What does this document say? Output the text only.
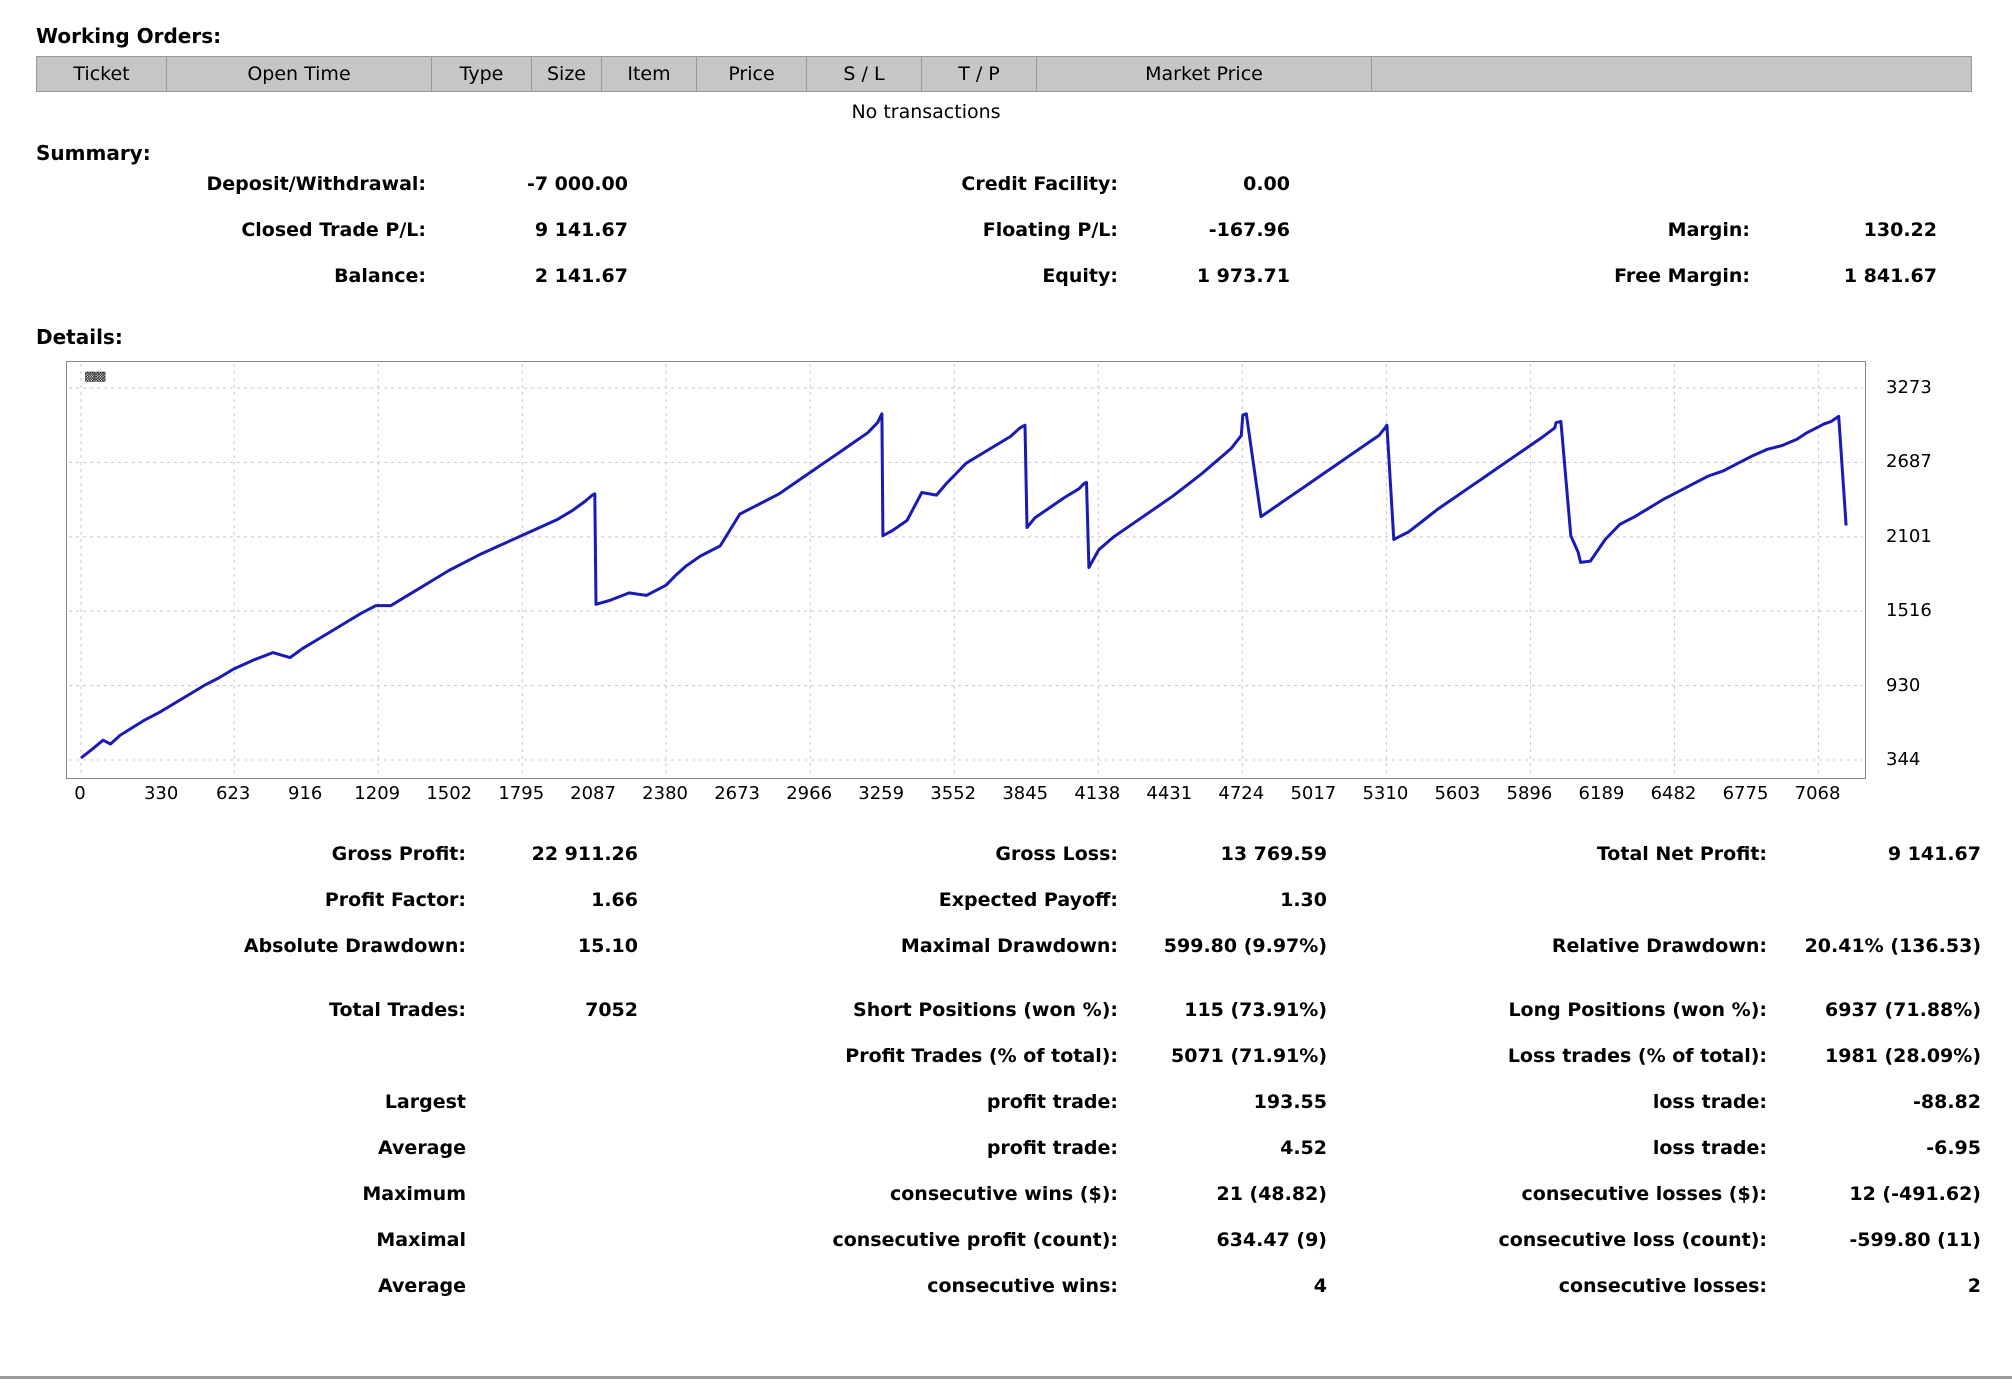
Working Orders:
Ticket	Open Time	Type	Size	Item	Price	S / L	T / P	Market Price	
No transactions
Summary:
Deposit/Withdrawal:	-7 000.00	Credit Facility:	0.00
Closed Trade P/L:	9 141.67	Floating P/L:	-167.96	Margin:	130.22
Balance:	2 141.67	Equity:	1 973.71	Free Margin:	1 841.67
Details:
▩▩
3273
2687
2101
1516
930
344
0	330 623 916 1209 1502 1795 2087 2380 2673 2966 3259 3552 3845 4138 4431 4724 5017 5310 5603 5896 6189 6482 6775 7068
Gross Profit:	22 911.26	Gross Loss:	13 769.59	Total Net Profit:	9 141.67
Profit Factor:	1.66	Expected Payoff:	1.30
Absolute Drawdown:	15.10	Maximal Drawdown:	599.80 (9.97%)	Relative Drawdown:	20.41% (136.53)
Total Trades:	7052	Short Positions (won %):	115 (73.91%)	Long Positions (won %):	6937 (71.88%)
Profit Trades (% of total):	5071 (71.91%)	Loss trades (% of total):	1981 (28.09%)
Largest	profit trade:	193.55	loss trade:	-88.82
Average	profit trade:	4.52	loss trade:	-6.95
Maximum	consecutive wins ($):	21 (48.82)	consecutive losses ($):	12 (-491.62)
Maximal	consecutive profit (count):	634.47 (9)	consecutive loss (count):	-599.80 (11)
Average	consecutive wins:	4	consecutive losses:	2
